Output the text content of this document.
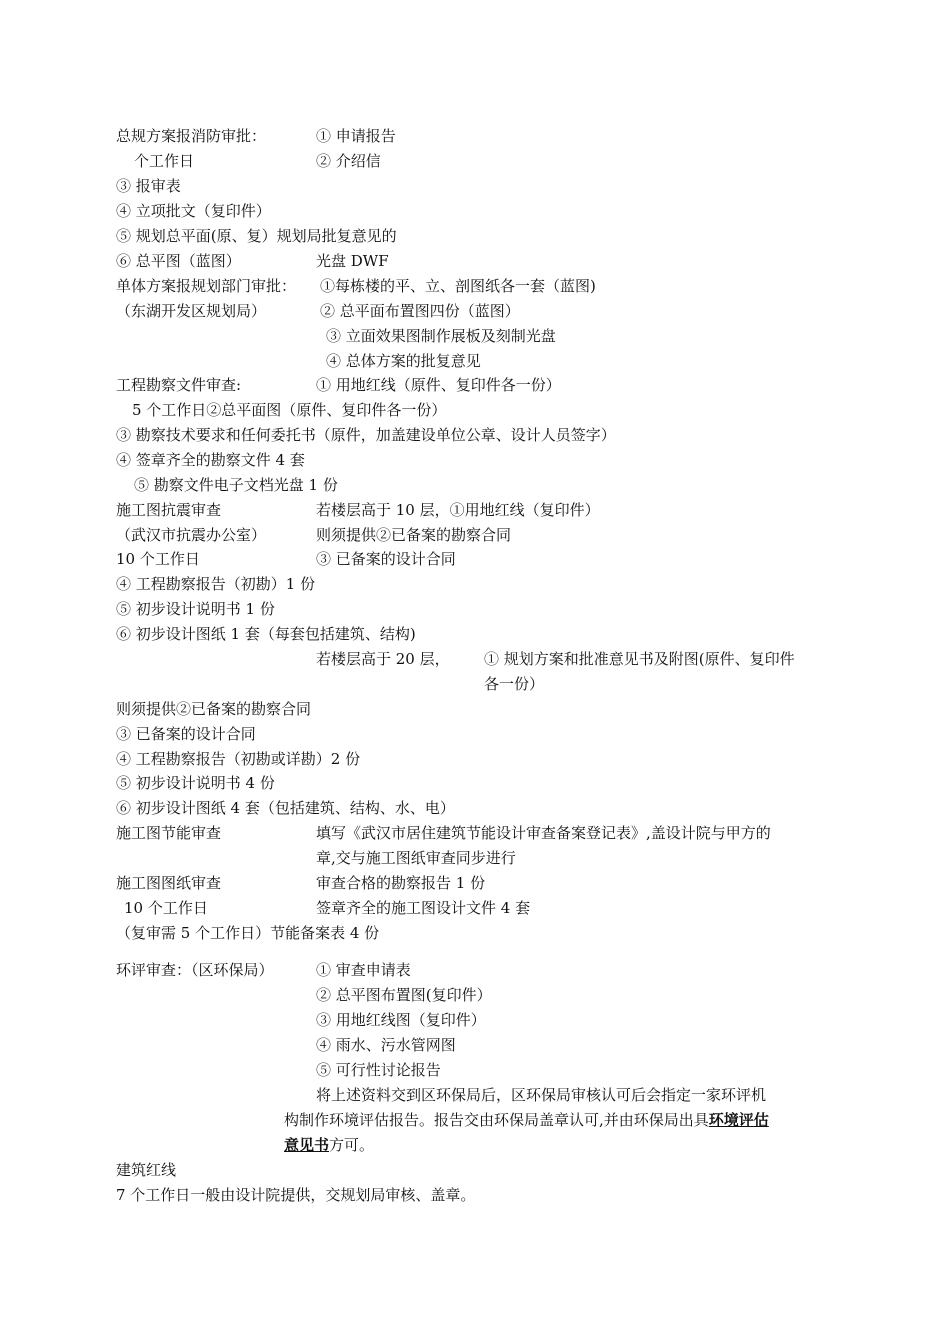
总规方案报消防审批：	① 申请报告
个工作日	② 介绍信
③ 报审表
④ 立项批文（复印件）
⑤ 规划总平面(原、复）规划局批复意见的
⑥ 总平图（蓝图）	光盘 DWF
单体方案报规划部门审批： ①每栋楼的平、立、剖图纸各一套（蓝图)
（东湖开发区规划局）	② 总平面布置图四份（蓝图）
③ 立面效果图制作展板及刻制光盘
④ 总体方案的批复意见
工程勘察文件审查:	① 用地红线（原件、复印件各一份）
5 个工作日②总平面图（原件、复印件各一份）
③ 勘察技术要求和任何委托书（原件，加盖建设单位公章、设计人员签字）
④ 签章齐全的勘察文件 4 套
⑤ 勘察文件电子文档光盘 1 份
施工图抗震审查	若楼层高于 10 层，①用地红线（复印件）
（武汉市抗震办公室）	则须提供②已备案的勘察合同
10 个工作日	③ 已备案的设计合同
④ 工程勘察报告（初勘）1 份
⑤ 初步设计说明书 1 份
⑥ 初步设计图纸 1 套（每套包括建筑、结构)
若楼层高于 20 层， ① 规划方案和批准意见书及附图(原件、复印件
各一份）
则须提供②已备案的勘察合同
③ 已备案的设计合同
④ 工程勘察报告（初勘或详勘）2 份
⑤ 初步设计说明书 4 份
⑥ 初步设计图纸 4 套（包括建筑、结构、水、电）
施工图节能审查	填写《武汉市居住建筑节能设计审查备案登记表》,盖设计院与甲方的
章,交与施工图纸审查同步进行
施工图图纸审查	审查合格的勘察报告 1 份
10 个工作日	签章齐全的施工图设计文件 4 套
（复审需 5 个工作日）节能备案表 4 份
环评审查：（区环保局）	① 审查申请表
② 总平图布置图(复印件）
③ 用地红线图（复印件）
④ 雨水、污水管网图
⑤ 可行性讨论报告
将上述资料交到区环保局后，区环保局审核认可后会指定一家环评机
构制作环境评估报告。报告交由环保局盖章认可,并由环保局出具环境评估
意见书方可。
建筑红线
7 个工作日一般由设计院提供，交规划局审核、盖章。
